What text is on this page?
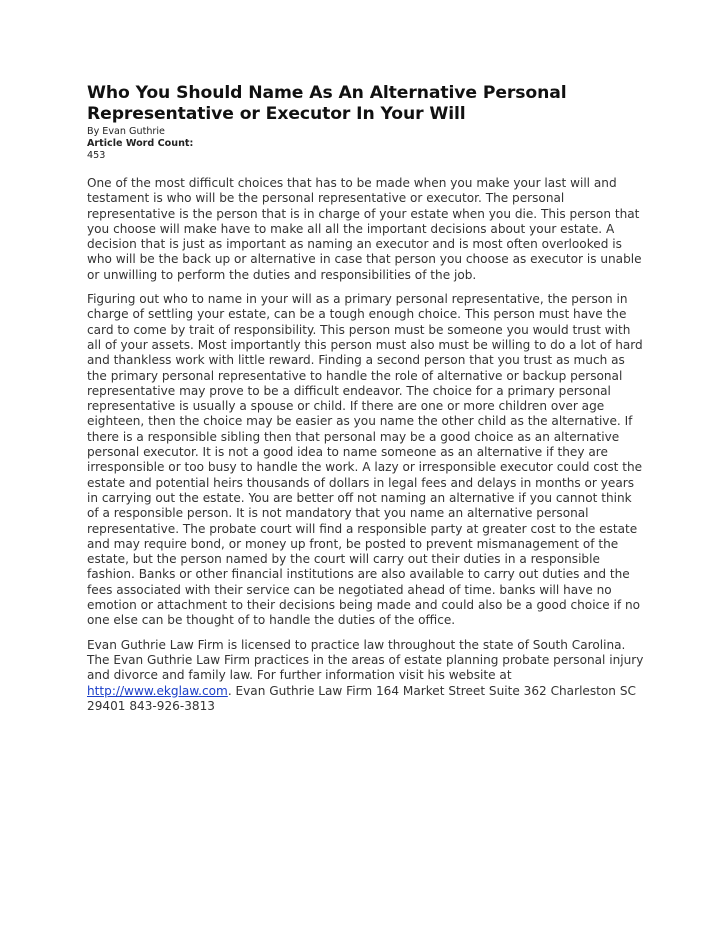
Who You Should Name As An Alternative Personal Representative or Executor In Your Will

By Evan Guthrie

Article Word Count:

453

One of the most difficult choices that has to be made when you make your last will and testament is who will be the personal representative or executor. The personal representative is the person that is in charge of your estate when you die. This person that you choose will make have to make all all the important decisions about your estate. A decision that is just as important as naming an executor and is most often overlooked is who will be the back up or alternative in case that person you choose as executor is unable or unwilling to perform the duties and responsibilities of the job.

Figuring out who to name in your will as a primary personal representative, the person in charge of settling your estate, can be a tough enough choice. This person must have the card to come by trait of responsibility. This person must be someone you would trust with all of your assets. Most importantly this person must also must be willing to do a lot of hard and thankless work with little reward. Finding a second person that you trust as much as the primary personal representative to handle the role of alternative or backup personal representative may prove to be a difficult endeavor. The choice for a primary personal representative is usually a spouse or child. If there are one or more children over age eighteen, then the choice may be easier as you name the other child as the alternative. If there is a responsible sibling then that personal may be a good choice as an alternative personal executor. It is not a good idea to name someone as an alternative if they are irresponsible or too busy to handle the work. A lazy or irresponsible executor could cost the estate and potential heirs thousands of dollars in legal fees and delays in months or years in carrying out the estate. You are better off not naming an alternative if you cannot think of a responsible person. It is not mandatory that you name an alternative personal representative. The probate court will find a responsible party at greater cost to the estate and may require bond, or money up front, be posted to prevent mismanagement of the estate, but the person named by the court will carry out their duties in a responsible fashion. Banks or other financial institutions are also available to carry out duties and the fees associated with their service can be negotiated ahead of time. banks will have no emotion or attachment to their decisions being made and could also be a good choice if no one else can be thought of to handle the duties of the office.

Evan Guthrie Law Firm is licensed to practice law throughout the state of South Carolina. The Evan Guthrie Law Firm practices in the areas of estate planning probate personal injury and divorce and family law. For further information visit his website at http://www.ekglaw.com. Evan Guthrie Law Firm 164 Market Street Suite 362 Charleston SC 29401 843-926-3813
